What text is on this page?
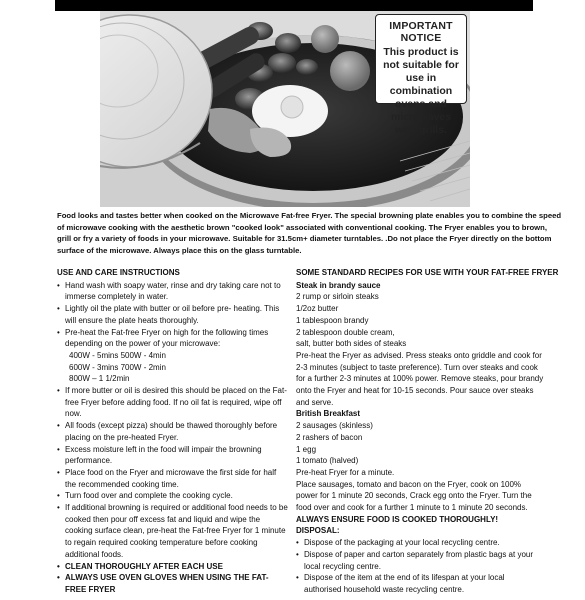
IMPORTANT NOTICE
This product is not suitable for use in combination ovens and microwaves with grills.

Food looks and tastes better when cooked on the Microwave Fat-free Fryer. The special browning plate enables you to combine the speed of microwave cooking with the aesthetic brown "cooked look" associated with conventional cooking. The Fryer enables you to brown, grill or fry a variety of foods in your microwave. Suitable for 31.5cm+ diameter turntables. .Do not place the Fryer directly on the bottom surface of the microwave. Always place this on the glass turntable.

USE AND CARE INSTRUCTIONS
• Hand wash with soapy water, rinse and dry taking care not to immerse completely in water.
• Lightly oil the plate with butter or oil before pre- heating. This will ensure the plate heats thoroughly.
• Pre-heat the Fat-free Fryer on high for the following times depending on the power of your microwave:
400W - 5mins 500W - 4min
600W - 3mins 700W - 2min
800W – 1 1/2min
• If more butter or oil is desired this should be placed on the Fat-free Fryer before adding food. If no oil fat is required, wipe off now.
• All foods (except pizza) should be thawed thoroughly before placing on the pre-heated Fryer.
• Excess moisture left in the food will impair the browning performance.
• Place food on the Fryer and microwave the first side for half the recommended cooking time.
• Turn food over and complete the cooking cycle.
• If additional browning is required or additional food needs to be cooked then pour off excess fat and liquid and wipe the cooking surface clean, pre-heat the Fat-free Fryer for 1 minute to regain required cooking temperature before cooking additional foods.
• CLEAN THOROUGHLY AFTER EACH USE
• ALWAYS USE OVEN GLOVES WHEN USING THE FAT-FREE FRYER
SOME STANDARD RECIPES FOR USE WITH YOUR FAT-FREE FRYER
Steak in brandy sauce
2 rump or sirloin steaks
1/2oz butter
1 tablespoon brandy
2 tablespoon double cream,
salt, butter both sides of steaks
Pre-heat the Fryer as advised. Press steaks onto griddle and cook for 2-3 minutes (subject to taste preference). Turn over steaks and cook for a further 2-3 minutes at 100% power. Remove steaks, pour brandy onto the Fryer and heat for 10-15 seconds. Pour sauce over steaks and serve.
British Breakfast
2 sausages (skinless)
2 rashers of bacon
1 egg
1 tomato (halved)
Pre-heat Fryer for a minute.
Place sausages, tomato and bacon on the Fryer, cook on 100% power for 1 minute 20 seconds, Crack egg onto the Fryer. Turn the food over and cook for a further 1 minute to 1 minute 20 seconds.
ALWAYS ENSURE FOOD IS COOKED THOROUGHLY!
DISPOSAL:
• Dispose of the packaging at your local recycling centre.
• Dispose of paper and carton separately from plastic bags at your local recycling centre.
• Dispose of the item at the end of its lifespan at your local authorised household waste recycling centre.
